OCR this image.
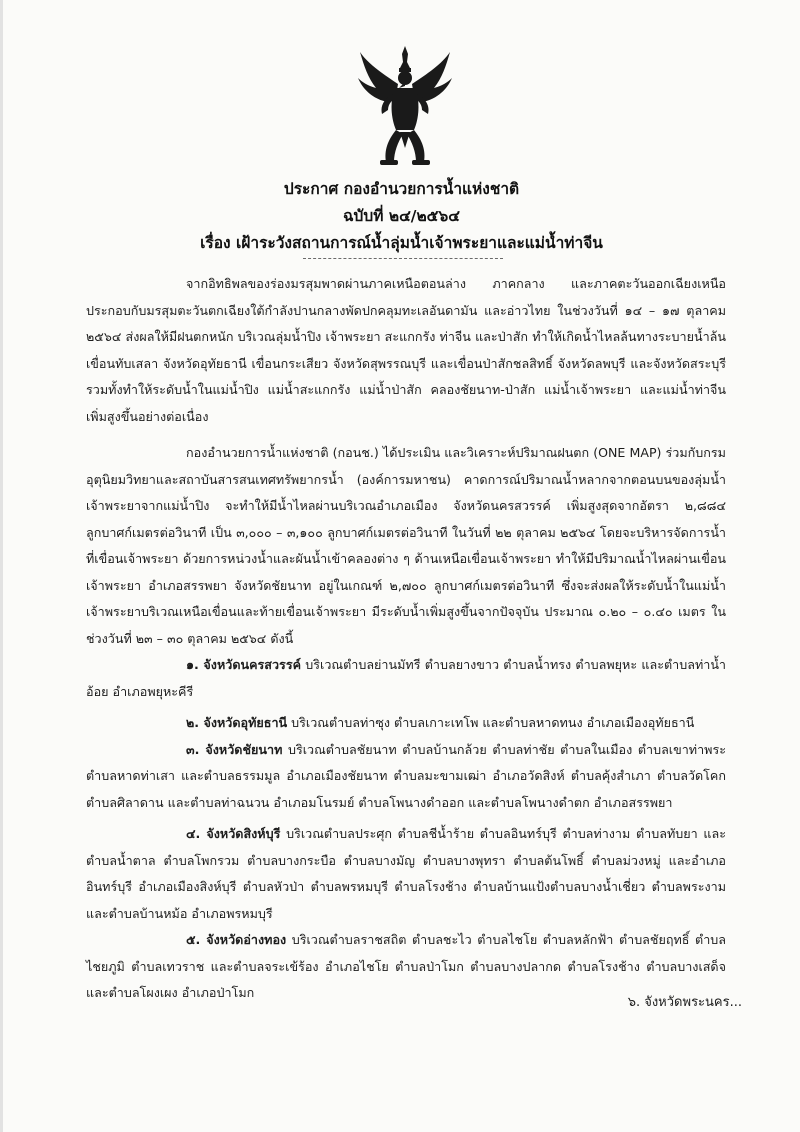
ประกาศ กองอำนวยการน้ำแห่งชาติ
ฉบับที่ ๒๔/๒๕๖๔
เรื่อง เฝ้าระวังสถานการณ์น้ำลุ่มน้ำเจ้าพระยาและแม่น้ำท่าจีน

จากอิทธิพลของร่องมรสุมพาดผ่านภาคเหนือตอนล่าง ภาคกลาง และภาคตะวันออกเฉียงเหนือ ประกอบกับมรสุมตะวันตกเฉียงใต้กำลังปานกลางพัดปกคลุมทะเลอันดามัน และอ่าวไทย ในช่วงวันที่ ๑๔ – ๑๗ ตุลาคม ๒๕๖๔ ส่งผลให้มีฝนตกหนัก บริเวณลุ่มน้ำปิง เจ้าพระยา สะแกกรัง ท่าจีน และป่าสัก ทำให้เกิดน้ำไหลล้นทางระบายน้ำล้นเขื่อนทับเสลา จังหวัดอุทัยธานี เขื่อนกระเสียว จังหวัดสุพรรณบุรี และเขื่อนป่าสักชลสิทธิ์ จังหวัดลพบุรี และจังหวัดสระบุรี รวมทั้งทำให้ระดับน้ำในแม่น้ำปิง แม่น้ำสะแกกรัง แม่น้ำป่าสัก คลองชัยนาท-ป่าสัก แม่น้ำเจ้าพระยา และแม่น้ำท่าจีน เพิ่มสูงขึ้นอย่างต่อเนื่อง

กองอำนวยการน้ำแห่งชาติ (กอนช.) ได้ประเมิน และวิเคราะห์ปริมาณฝนตก (ONE MAP) ร่วมกับกรมอุตุนิยมวิทยาและสถาบันสารสนเทศทรัพยากรน้ำ (องค์การมหาชน) คาดการณ์ปริมาณน้ำหลากจากตอนบนของลุ่มน้ำเจ้าพระยาจากแม่น้ำปิง จะทำให้มีน้ำไหลผ่านบริเวณอำเภอเมือง จังหวัดนครสวรรค์ เพิ่มสูงสุดจากอัตรา ๒,๘๘๔ ลูกบาศก์เมตรต่อวินาที เป็น ๓,๐๐๐ – ๓,๑๐๐ ลูกบาศก์เมตรต่อวินาที ในวันที่ ๒๒ ตุลาคม ๒๕๖๔ โดยจะบริหารจัดการน้ำที่เขื่อนเจ้าพระยา ด้วยการหน่วงน้ำและผันน้ำเข้าคลองต่าง ๆ ด้านเหนือเขื่อนเจ้าพระยา ทำให้มีปริมาณน้ำไหลผ่านเขื่อนเจ้าพระยา อำเภอสรรพยา จังหวัดชัยนาท อยู่ในเกณฑ์ ๒,๗๐๐ ลูกบาศก์เมตรต่อวินาที ซึ่งจะส่งผลให้ระดับน้ำในแม่น้ำเจ้าพระยาบริเวณเหนือเขื่อนและท้ายเขื่อนเจ้าพระยา มีระดับน้ำเพิ่มสูงขึ้นจากปัจจุบัน ประมาณ ๐.๒๐ – ๐.๔๐ เมตร ในช่วงวันที่ ๒๓ – ๓๐ ตุลาคม ๒๕๖๔ ดังนี้

๑. จังหวัดนครสวรรค์ บริเวณตำบลย่านมัทรี ตำบลยางขาว ตำบลน้ำทรง ตำบลพยุหะ และตำบลท่าน้ำอ้อย อำเภอพยุหะคีรี

๒. จังหวัดอุทัยธานี บริเวณตำบลท่าซุง ตำบลเกาะเทโพ และตำบลหาดทนง อำเภอเมืองอุทัยธานี

๓. จังหวัดชัยนาท บริเวณตำบลชัยนาท ตำบลบ้านกล้วย ตำบลท่าชัย ตำบลในเมือง ตำบลเขาท่าพระ ตำบลหาดท่าเสา และตำบลธรรมมูล อำเภอเมืองชัยนาท ตำบลมะขามเฒ่า อำเภอวัดสิงห์ ตำบลคุ้งสำเภา ตำบลวัดโคก ตำบลศิลาดาน และตำบลท่าฉนวน อำเภอมโนรมย์ ตำบลโพนางดำออก และตำบลโพนางดำตก อำเภอสรรพยา

๔. จังหวัดสิงห์บุรี บริเวณตำบลประศุก ตำบลชีน้ำร้าย ตำบลอินทร์บุรี ตำบลท่างาม ตำบลทับยา และตำบลน้ำตาล ตำบลโพกรวม ตำบลบางกระบือ ตำบลบางมัญ ตำบลบางพุทรา ตำบลต้นโพธิ์ ตำบลม่วงหมู่ และอำเภออินทร์บุรี อำเภอเมืองสิงห์บุรี ตำบลหัวป่า ตำบลพรหมบุรี ตำบลโรงช้าง ตำบลบ้านแป้งตำบลบางน้ำเชี่ยว ตำบลพระงาม และตำบลบ้านหม้อ อำเภอพรหมบุรี

๕. จังหวัดอ่างทอง บริเวณตำบลราชสถิต ตำบลชะไว ตำบลไชโย ตำบลหลักฟ้า ตำบลชัยฤทธิ์ ตำบลไชยภูมิ ตำบลเทวราช และตำบลจระเข้ร้อง อำเภอไชโย ตำบลป่าโมก ตำบลบางปลากด ตำบลโรงช้าง ตำบลบางเสด็จ และตำบลโผงเผง อำเภอป่าโมก

๖. จังหวัดพระนคร...
